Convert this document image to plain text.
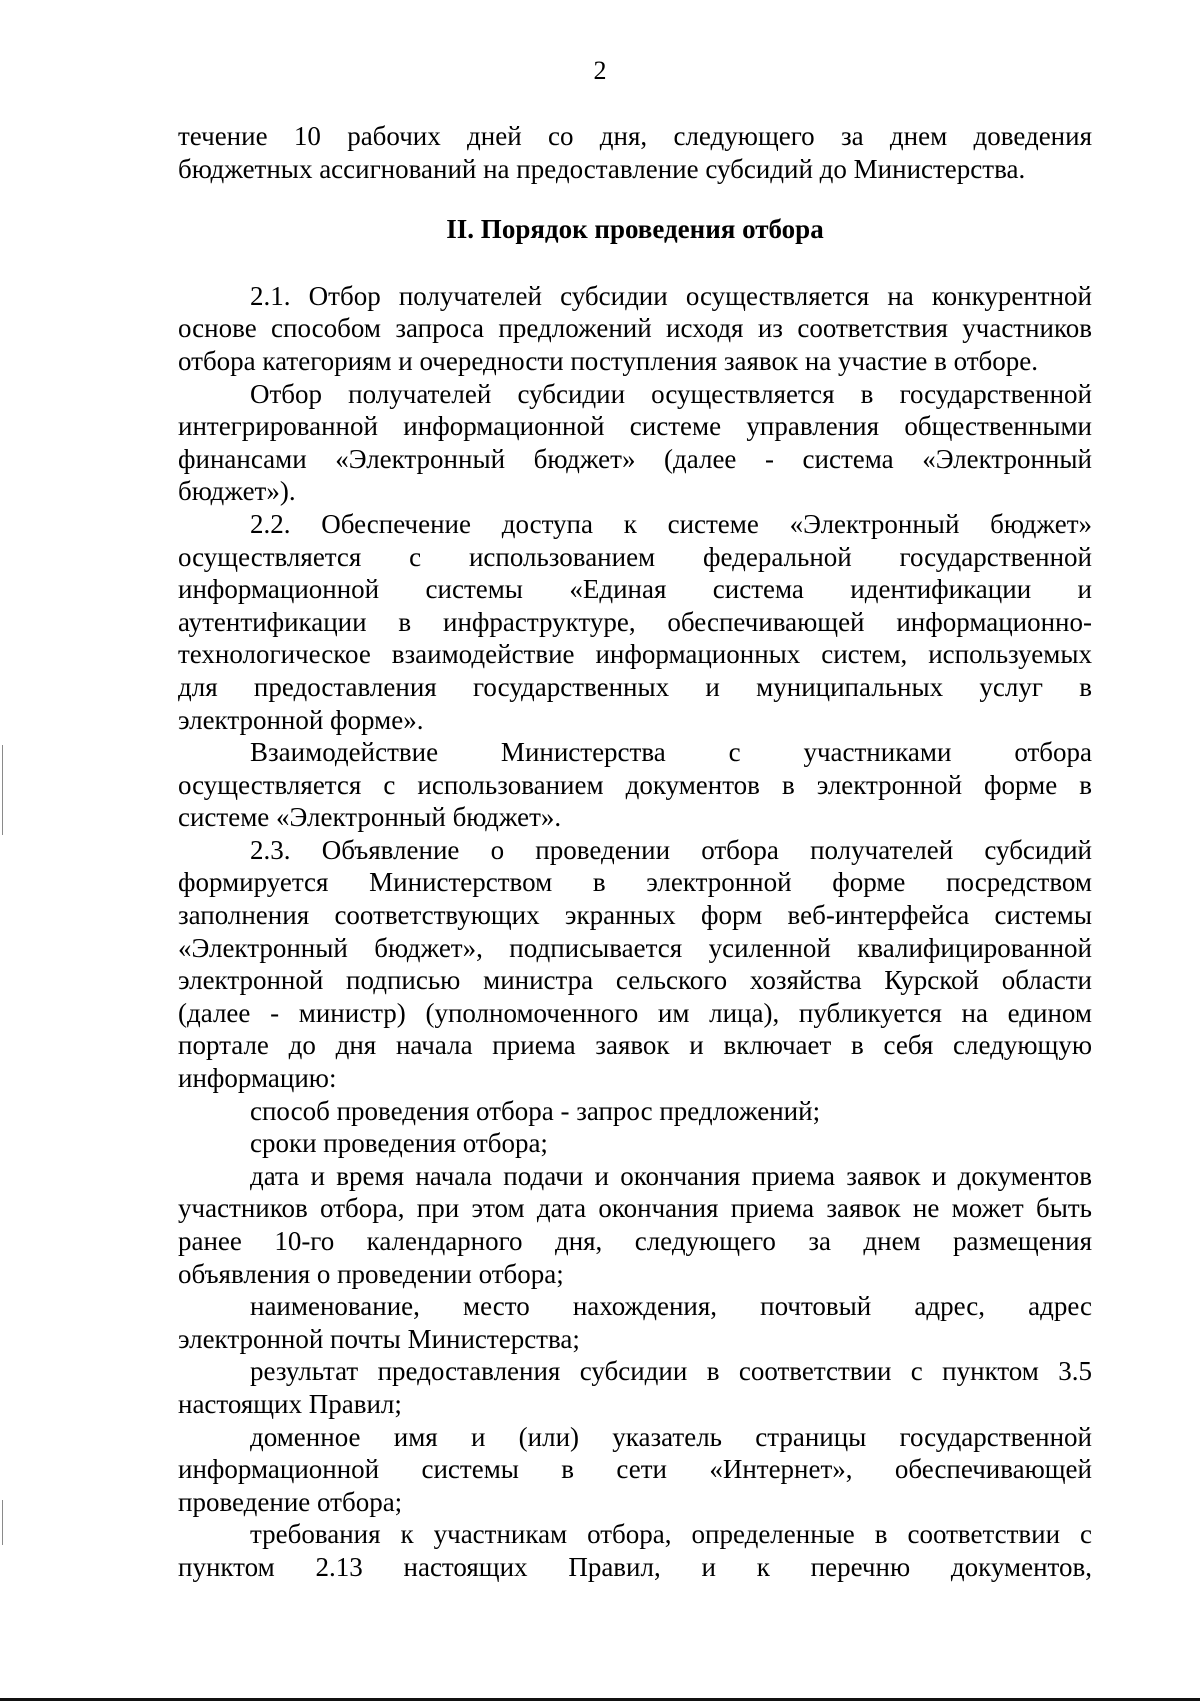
2

течение 10 рабочих дней со дня, следующего за днем доведения

бюджетных ассигнований на предоставление субсидий до Министерства.

II. Порядок проведения отбора

2.1. Отбор получателей субсидии осуществляется на конкурентной

основе способом запроса предложений исходя из соответствия участников

отбора категориям и очередности поступления заявок на участие в отборе.

Отбор получателей субсидии осуществляется в государственной

интегрированной информационной системе управления общественными

финансами «Электронный бюджет» (далее - система «Электронный

бюджет»).

2.2. Обеспечение доступа к системе «Электронный бюджет»

осуществляется с использованием федеральной государственной

информационной системы «Единая система идентификации и

аутентификации в инфраструктуре, обеспечивающей информационно-

технологическое взаимодействие информационных систем, используемых

для предоставления государственных и муниципальных услуг в

электронной форме».

Взаимодействие Министерства с участниками отбора

осуществляется с использованием документов в электронной форме в

системе «Электронный бюджет».

2.3. Объявление о проведении отбора получателей субсидий

формируется Министерством в электронной форме посредством

заполнения соответствующих экранных форм веб-интерфейса системы

«Электронный бюджет», подписывается усиленной квалифицированной

электронной подписью министра сельского хозяйства Курской области

(далее - министр) (уполномоченного им лица), публикуется на едином

портале до дня начала приема заявок и включает в себя следующую

информацию:

способ проведения отбора - запрос предложений;

сроки проведения отбора;

дата и время начала подачи и окончания приема заявок и документов

участников отбора, при этом дата окончания приема заявок не может быть

ранее 10-го календарного дня, следующего за днем размещения

объявления о проведении отбора;

наименование, место нахождения, почтовый адрес, адрес

электронной почты Министерства;

результат предоставления субсидии в соответствии с пунктом 3.5

настоящих Правил;

доменное имя и (или) указатель страницы государственной

информационной системы в сети «Интернет», обеспечивающей

проведение отбора;

требования к участникам отбора, определенные в соответствии с

пунктом 2.13 настоящих Правил, и к перечню документов,
